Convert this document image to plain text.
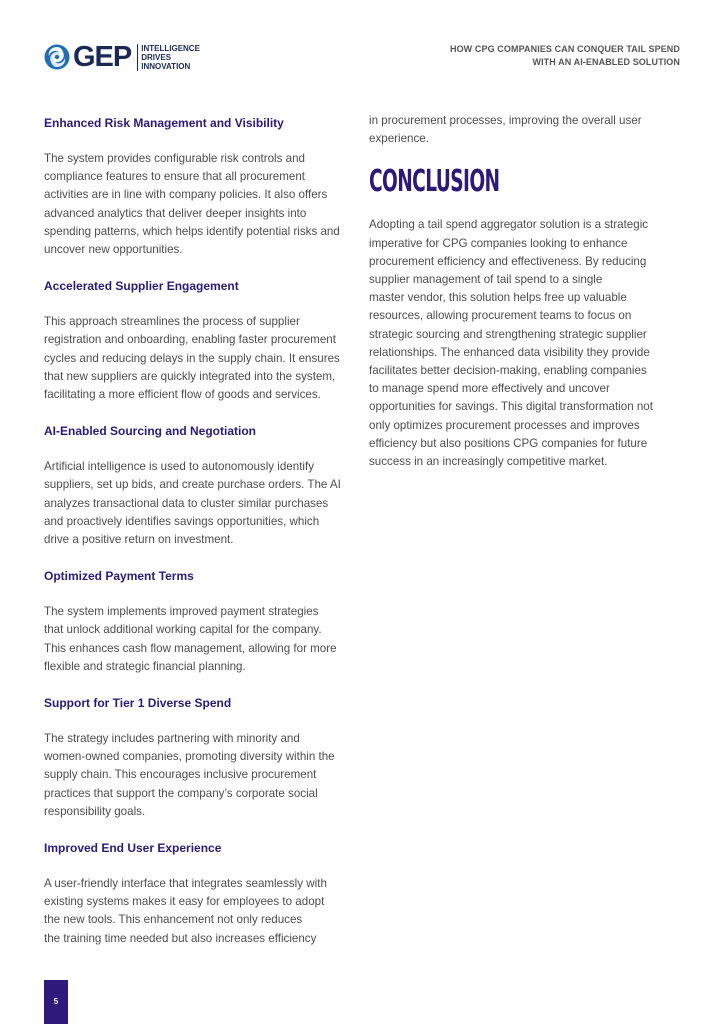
GEP INTELLIGENCE
DRIVES
INNOVATION
HOW CPG COMPANIES CAN CONQUER TAIL SPEND
WITH AN AI-ENABLED SOLUTION
Enhanced Risk Management and Visibility

The system provides configurable risk controls and
compliance features to ensure that all procurement
activities are in line with company policies. It also offers
advanced analytics that deliver deeper insights into
spending patterns, which helps identify potential risks and
uncover new opportunities.

Accelerated Supplier Engagement

This approach streamlines the process of supplier
registration and onboarding, enabling faster procurement
cycles and reducing delays in the supply chain. It ensures
that new suppliers are quickly integrated into the system,
facilitating a more efficient flow of goods and services.

AI-Enabled Sourcing and Negotiation

Artificial intelligence is used to autonomously identify
suppliers, set up bids, and create purchase orders. The AI
analyzes transactional data to cluster similar purchases
and proactively identifies savings opportunities, which
drive a positive return on investment.

Optimized Payment Terms

The system implements improved payment strategies
that unlock additional working capital for the company.
This enhances cash flow management, allowing for more
flexible and strategic financial planning.

Support for Tier 1 Diverse Spend

The strategy includes partnering with minority and
women-owned companies, promoting diversity within the
supply chain. This encourages inclusive procurement
practices that support the company’s corporate social
responsibility goals.

Improved End User Experience

A user-friendly interface that integrates seamlessly with
existing systems makes it easy for employees to adopt
the new tools. This enhancement not only reduces
the training time needed but also increases efficiency

in procurement processes, improving the overall user
experience.

CONCLUSION

Adopting a tail spend aggregator solution is a strategic
imperative for CPG companies looking to enhance
procurement efficiency and effectiveness. By reducing
supplier management of tail spend to a single
master vendor, this solution helps free up valuable
resources, allowing procurement teams to focus on
strategic sourcing and strengthening strategic supplier
relationships. The enhanced data visibility they provide
facilitates better decision-making, enabling companies
to manage spend more effectively and uncover
opportunities for savings. This digital transformation not
only optimizes procurement processes and improves
efficiency but also positions CPG companies for future
success in an increasingly competitive market.

5
